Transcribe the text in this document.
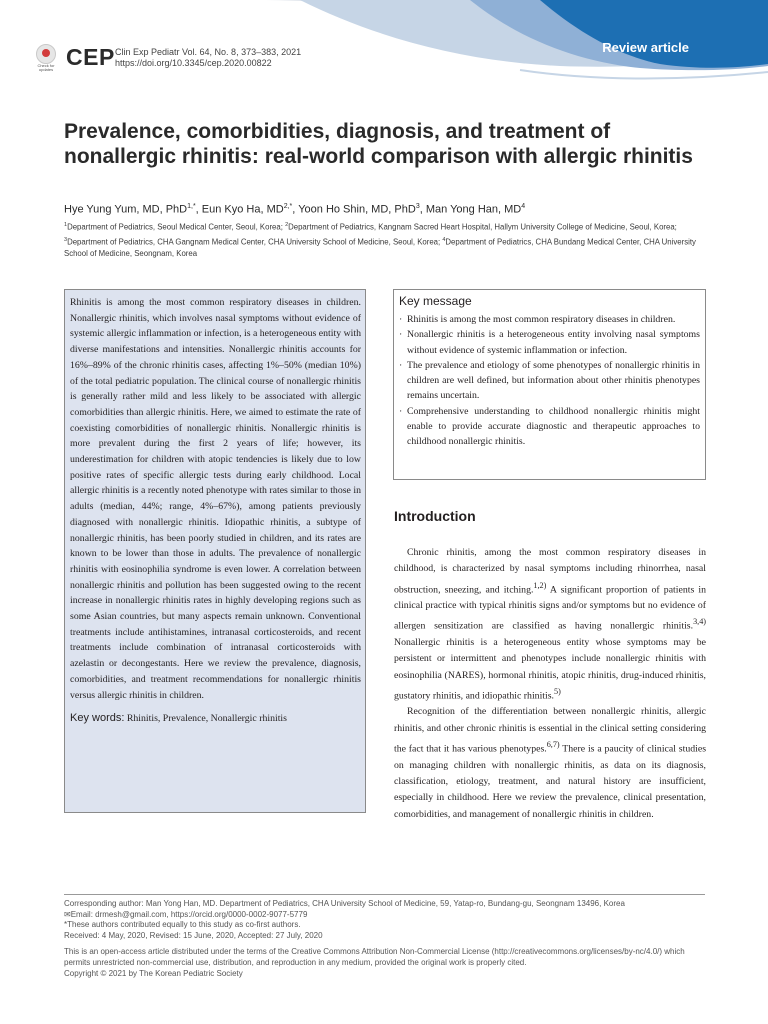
Check for updates CEP Clin Exp Pediatr Vol. 64, No. 8, 373–383, 2021
https://doi.org/10.3345/cep.2020.00822
Review article
Prevalence, comorbidities, diagnosis, and treatment of nonallergic rhinitis: real-world comparison with allergic rhinitis
Hye Yung Yum, MD, PhD$^{1,*}$, Eun Kyo Ha, $MD^{2,*}$, Yoon Ho Shin, MD, PhD$^3$, Man Yong Han, $MD^4$
$^1$Department of Pediatrics, Seoul Medical Center, Seoul, Korea; $^2$Department of Pediatrics, Kangnam Sacred Heart Hospital, Hallym University College of Medicine, Seoul, Korea; $^3$Department of Pediatrics, CHA Gangnam Medical Center, CHA University School of Medicine, Seoul, Korea; $^4$Department of Pediatrics, CHA Bundang Medical Center, CHA University School of Medicine, Seongnam, Korea

Rhinitis is among the most common respiratory diseases in children. Nonallergic rhinitis, which involves nasal symptoms without evidence of systemic allergic inflammation or infection, is a heterogeneous entity with diverse manifestations and intensities. Nonallergic rhinitis accounts for 16%–89% of the chronic rhinitis cases, affecting 1%–50% (median 10%) of the total pediatric population. The clinical course of nonallergic rhinitis is generally rather mild and less likely to be associated with allergic comorbidities than allergic rhinitis. Here, we aimed to estimate the rate of coexisting comorbidities of nonallergic rhinitis. Nonallergic rhinitis is more prevalent during the first 2 years of life; however, its underestimation for children with atopic tendencies is likely due to low positive rates of specific allergic tests during early childhood. Local allergic rhinitis is a recently noted phenotype with rates similar to those in adults (median, 44%; range, 4%–67%), among patients previously diagnosed with nonallergic rhinitis. Idiopathic rhinitis, a subtype of nonallergic rhinitis, has been poorly studied in children, and its rates are known to be lower than those in adults. The prevalence of nonallergic rhinitis with eosinophilia syndrome is even lower. A correlation between nonallergic rhinitis and pollution has been suggested owing to the recent increase in nonallergic rhinitis rates in highly developing regions such as some Asian countries, but many aspects remain unknown. Conventional treatments include antihistamines, intranasal corticosteroids, and recent treatments include combination of intranasal corticosteroids with azelastin or decongestants. Here we review the prevalence, diagnosis, comorbidities, and treatment recommendations for nonallergic rhinitis versus allergic rhinitis in children.

Key words: Rhinitis, Prevalence, Nonallergic rhinitis

Key message
· Rhinitis is among the most common respiratory diseases in children.
· Nonallergic rhinitis is a heterogeneous entity involving nasal symptoms without evidence of systemic inflammation or infection.
· The prevalence and etiology of some phenotypes of nonallergic rhinitis in children are well defined, but information about other rhinitis phenotypes remains uncertain.
· Comprehensive understanding to childhood nonallergic rhinitis might enable to provide accurate diagnostic and therapeutic approaches to childhood nonallergic rhinitis.
Introduction

Chronic rhinitis, among the most common respiratory diseases in childhood, is characterized by nasal symptoms including rhinorrhea, nasal obstruction, sneezing, and itching.$^{1,2)}$ A significant proportion of patients in clinical practice with typical rhinitis signs and/or symptoms but no evidence of allergen sensitization are classified as having nonallergic rhinitis.$^{3,4)}$ Nonallergic rhinitis is a heterogeneous entity whose symptoms may be persistent or intermittent and phenotypes include nonallergic rhinitis with eosinophilia (NARES), hormonal rhinitis, atopic rhinitis, drug-induced rhinitis, gustatory rhinitis, and idiopathic rhinitis.$^{5)}$

Recognition of the differentiation between nonallergic rhinitis, allergic rhinitis, and other chronic rhinitis is essential in the clinical setting considering the fact that it has various phenotypes.$^{6,7)}$ There is a paucity of clinical studies on managing children with nonallergic rhinitis, as data on its diagnosis, classification, etiology, treatment, and natural history are insufficient, especially in childhood. Here we review the prevalence, clinical presentation, comorbidities, and management of nonallergic rhinitis in children.

Corresponding author: Man Yong Han, MD. Department of Pediatrics, CHA University School of Medicine, 59, Yatap-ro, Bundang-gu, Seongnam 13496, Korea
✉Email: drmesh@gmail.com, https://orcid.org/0000-0002-9077-5779
*These authors contributed equally to this study as co-first authors.
Received: 4 May, 2020, Revised: 15 June, 2020, Accepted: 27 July, 2020
This is an open-access article distributed under the terms of the Creative Commons Attribution Non-Commercial License (http://creativecommons.org/licenses/by-nc/4.0/) which permits unrestricted non-commercial use, distribution, and reproduction in any medium, provided the original work is properly cited.
Copyright © 2021 by The Korean Pediatric Society
